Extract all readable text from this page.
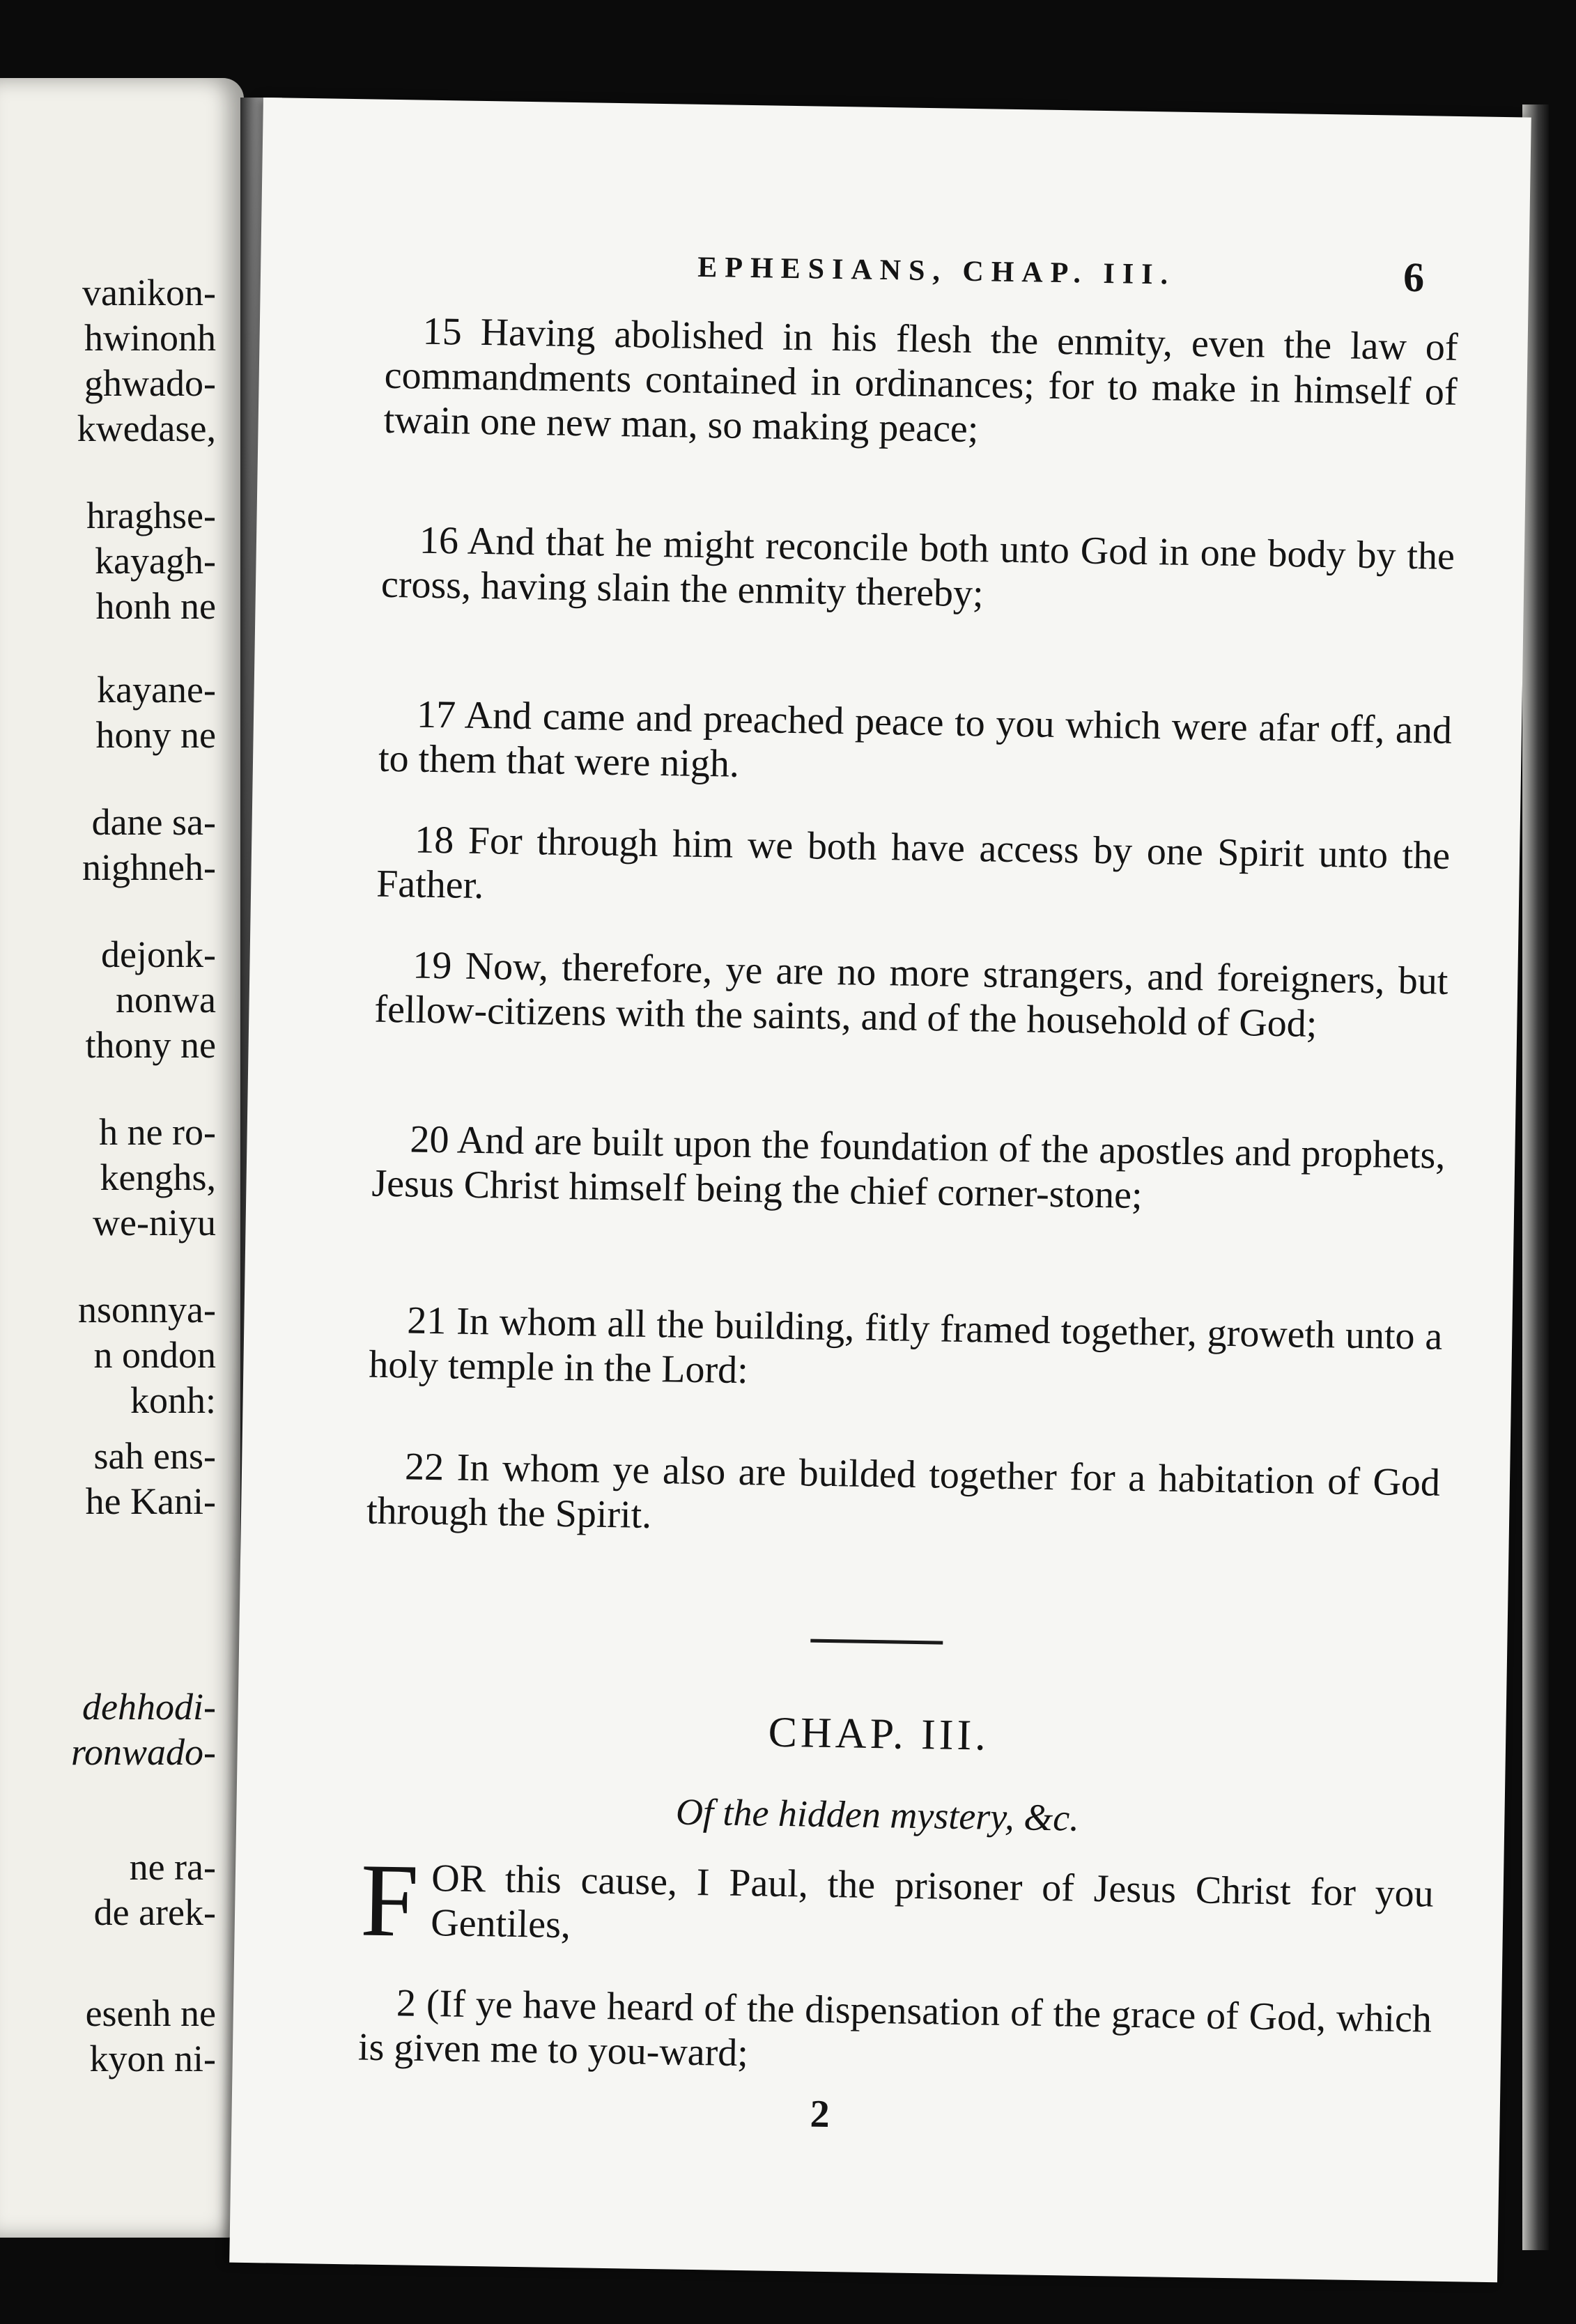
vanikon-
hwinonh
ghwado-
kwedase,
hraghse-
kayagh-
honh ne
kayane-
hony ne
dane sa-
nighneh-
dejonk-
nonwa
thony ne
h ne ro-
kenghs,
we-niyu
nsonnya-
n ondon
konh:
sah ens-
he Kani-
dehhodi-
ronwado-
ne ra-
de arek-
esenh ne
kyon ni-
EPHESIANS, CHAP. III.	6
15 Having abolished in his flesh the enmity, even the law of commandments contained in ordinances; for to make in himself of twain one new man, so making peace;
16 And that he might reconcile both unto God in one body by the cross, having slain the enmity thereby;
17 And came and preached peace to you which were afar off, and to them that were nigh.
18 For through him we both have access by one Spirit unto the Father.
19 Now, therefore, ye are no more strangers, and foreigners, but fellow-citizens with the saints, and of the household of God;
20 And are built upon the foundation of the apostles and prophets, Jesus Christ himself being the chief corner-stone;
21 In whom all the building, fitly framed together, groweth unto a holy temple in the Lord:
22 In whom ye also are builded together for a habitation of God through the Spirit.
CHAP. III.
Of the hidden mystery, &c.
F OR this cause, I Paul, the prisoner of Jesus Christ for you Gentiles,
2 (If ye have heard of the dispensation of the grace of God, which is given me to you-ward;
2
